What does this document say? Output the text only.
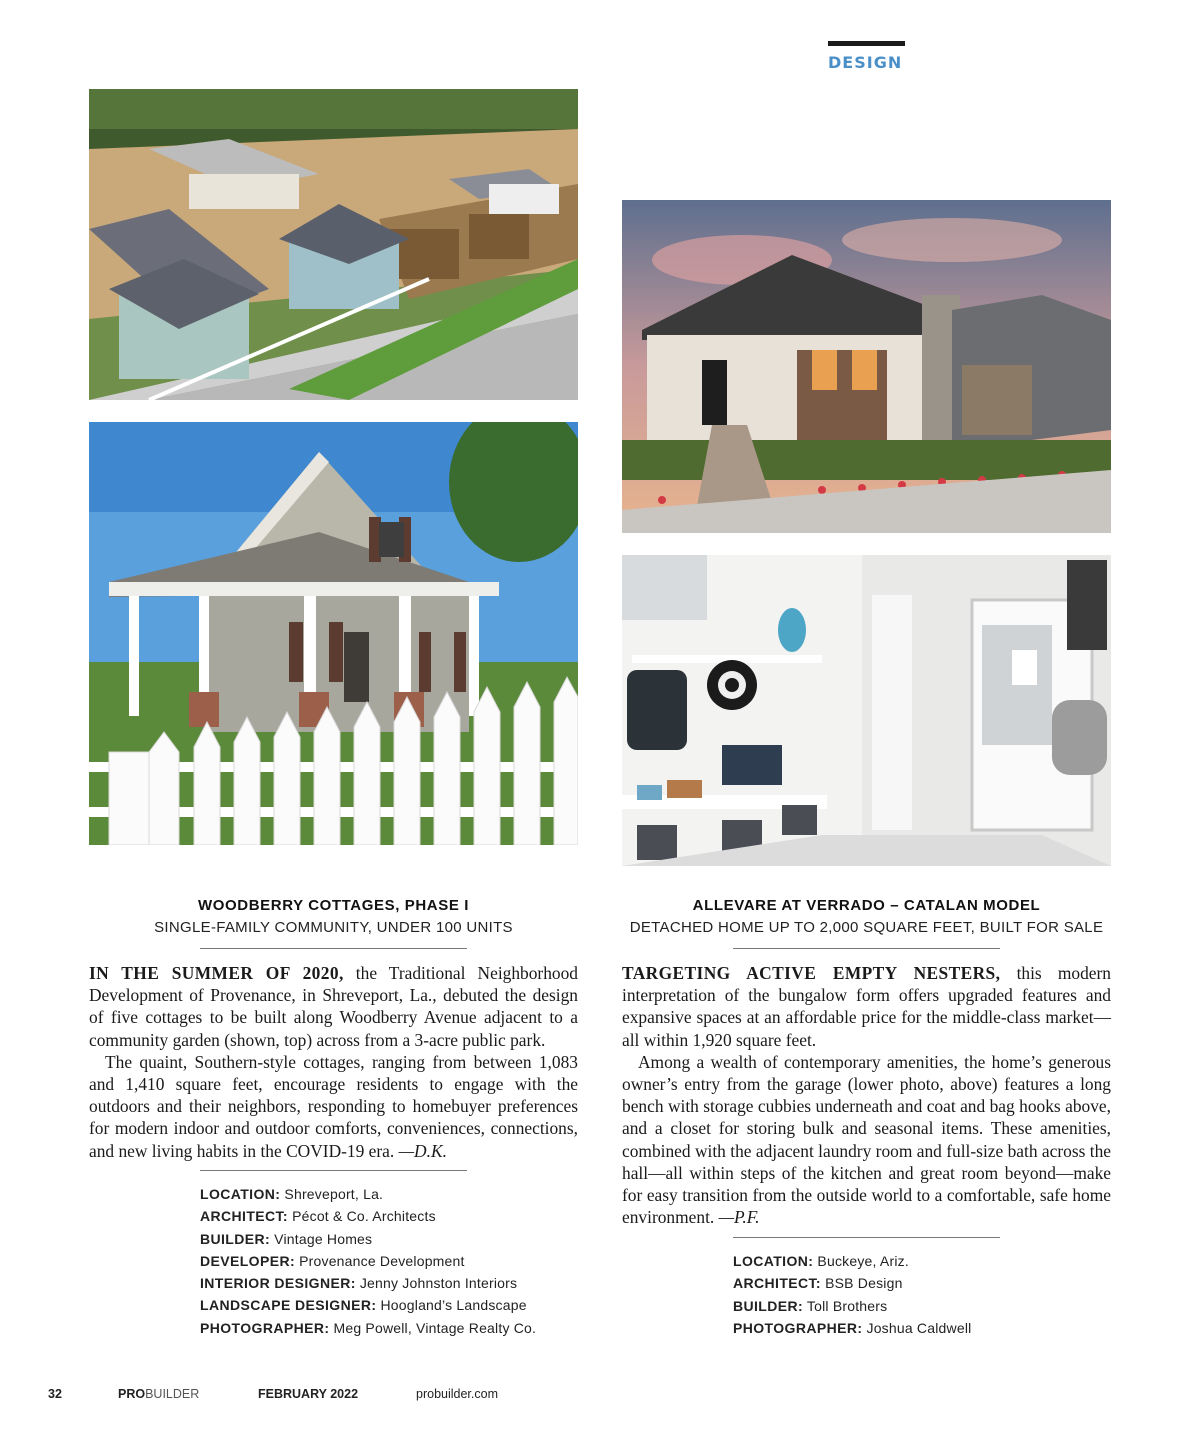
DESIGN
WOODBERRY COTTAGES, PHASE I
SINGLE-FAMILY COMMUNITY, UNDER 100 UNITS
ALLEVARE AT VERRADO – CATALAN MODEL
DETACHED HOME UP TO 2,000 SQUARE FEET, BUILT FOR SALE

IN THE SUMMER OF 2020, the Traditional Neighborhood Development of Provenance, in Shreveport, La., debuted the design of five cottages to be built along Woodberry Avenue adjacent to a community garden (shown, top) across from a 3-acre public park.

The quaint, Southern-style cottages, ranging from between 1,083 and 1,410 square feet, encourage residents to engage with the outdoors and their neighbors, responding to homebuyer preferences for modern indoor and outdoor comforts, conveniences, connections, and new living habits in the COVID-19 era. —D.K.

LOCATION: Shreveport, La.
ARCHITECT: Pécot & Co. Architects
BUILDER: Vintage Homes
DEVELOPER: Provenance Development
INTERIOR DESIGNER: Jenny Johnston Interiors
LANDSCAPE DESIGNER: Hoogland’s Landscape
PHOTOGRAPHER: Meg Powell, Vintage Realty Co.

TARGETING ACTIVE EMPTY NESTERS, this modern interpretation of the bungalow form offers upgraded features and expansive spaces at an affordable price for the middle-class market—all within 1,920 square feet.

Among a wealth of contemporary amenities, the home’s generous owner’s entry from the garage (lower photo, above) features a long bench with storage cubbies underneath and coat and bag hooks above, and a closet for storing bulk and seasonal items. These amenities, combined with the adjacent laundry room and full-size bath across the hall—all within steps of the kitchen and great room beyond—make for easy transition from the outside world to a comfortable, safe home environment. —P.F.

LOCATION: Buckeye, Ariz.
ARCHITECT: BSB Design
BUILDER: Toll Brothers
PHOTOGRAPHER: Joshua Caldwell
32	PROBUILDER	FEBRUARY 2022	probuilder.com
